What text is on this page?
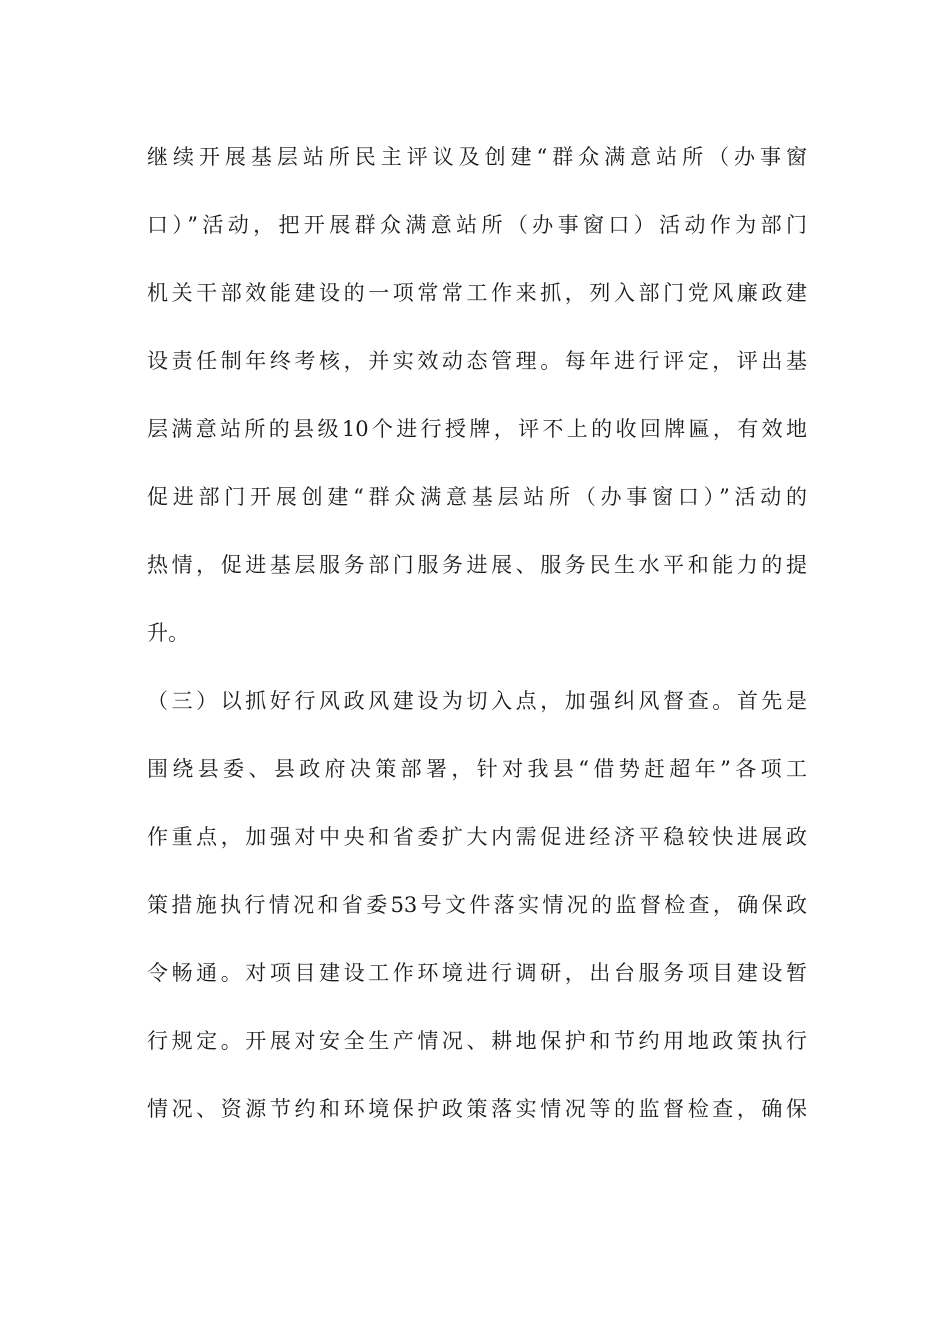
继续开展基层站所民主评议及创建“群众满意站所（办事窗
口）”活动，把开展群众满意站所（办事窗口）活动作为部门
机关干部效能建设的一项常常工作来抓，列入部门党风廉政建
设责任制年终考核，并实效动态管理。每年进行评定，评出基
层满意站所的县级10个进行授牌，评不上的收回牌匾，有效地
促进部门开展创建“群众满意基层站所（办事窗口）”活动的
热情，促进基层服务部门服务进展、服务民生水平和能力的提
升。
（三）以抓好行风政风建设为切入点，加强纠风督查。首先是
围绕县委、县政府决策部署，针对我县“借势赶超年”各项工
作重点，加强对中央和省委扩大内需促进经济平稳较快进展政
策措施执行情况和省委53号文件落实情况的监督检查，确保政
令畅通。对项目建设工作环境进行调研，出台服务项目建设暂
行规定。开展对安全生产情况、耕地保护和节约用地政策执行
情况、资源节约和环境保护政策落实情况等的监督检查，确保
